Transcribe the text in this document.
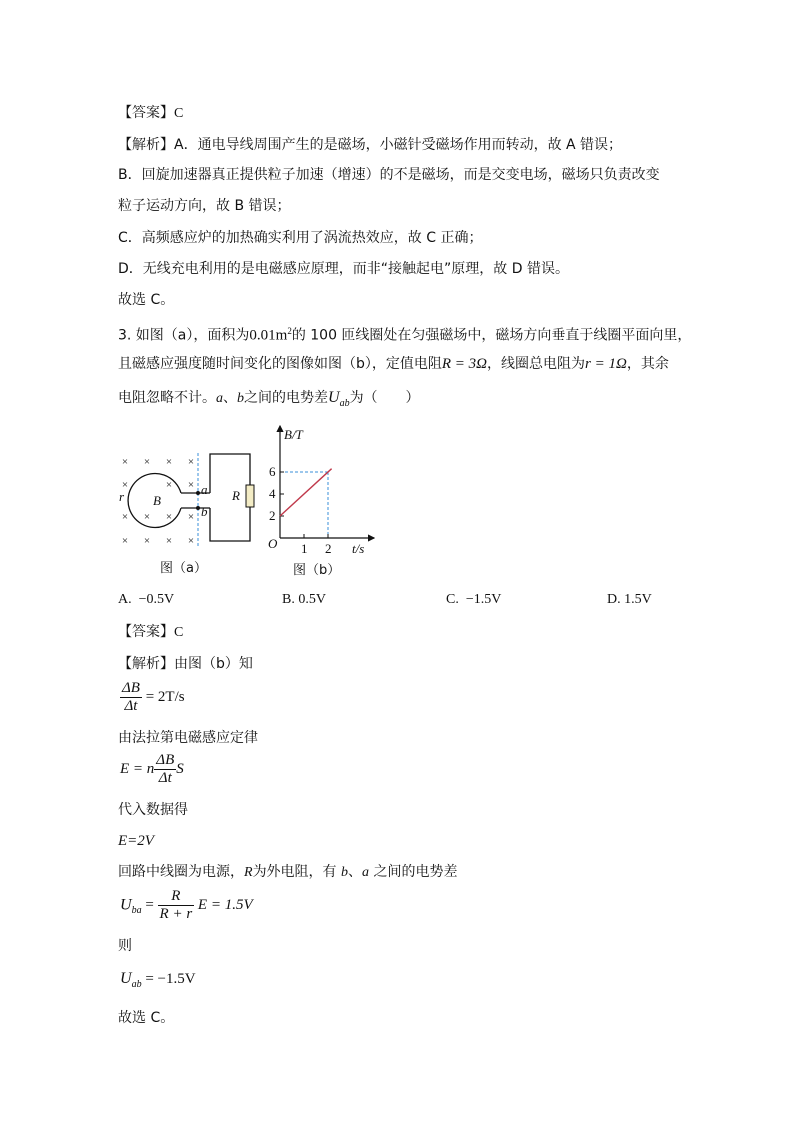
【答案】C
【解析】A．通电导线周围产生的是磁场，小磁针受磁场作用而转动，故 A 错误；
B．回旋加速器真正提供粒子加速（增速）的不是磁场，而是交变电场，磁场只负责改变
粒子运动方向，故 B 错误；
C．高频感应炉的加热确实利用了涡流热效应，故 C 正确；
D．无线充电利用的是电磁感应原理，而非“接触起电”原理，故 D 错误。
故选 C。
3. 如图（a），面积为$0.01m^2$的 100 匝线圈处在匀强磁场中，磁场方向垂直于线圈平面向里，
且磁感应强度随时间变化的图像如图（b），定值电阻R = 3Ω，线圈总电阻为r = 1Ω，其余
电阻忽略不计。a、b之间的电势差$U_{ab}$为（　　）
× × × ×
×	× ×
× × × ×
× × × ×
B
r	a
b
R
图（a）
B/T
t/s
O
2
4
6
1 2
图（b）
A. −0.5V	B. 0.5V	C. −1.5V	D. 1.5V
【答案】C
【解析】由图（b）知
$\frac{\Delta B}{\Delta t} = 2T/s$
由法拉第电磁感应定律
E = n $\frac{\Delta B}{\Delta t}$ S
代入数据得
E=2V
回路中线圈为电源，R为外电阻，有 b、a 之间的电势差
$U_{ba} = \frac{R}{R + r}$ E = 1.5V
则
$U_{ab} = -1.5V$
故选 C。
